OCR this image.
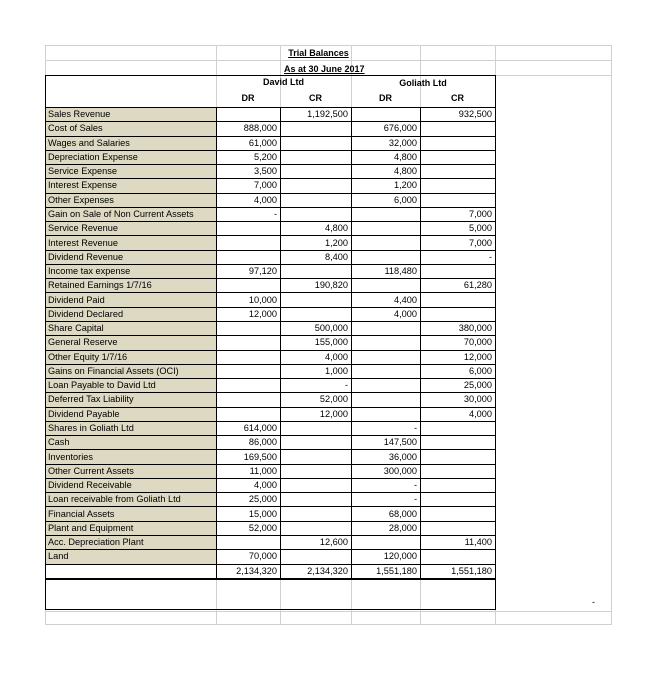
Trial Balances
As at 30 June 2017
David Ltd	Goliath Ltd
DR	CR	DR	CR
Sales Revenue		1,192,500		932,500
Cost of Sales	888,000		676,000	
Wages and Salaries	61,000		32,000	
Depreciation Expense	5,200		4,800	
Service Expense	3,500		4,800	
Interest Expense	7,000		1,200	
Other Expenses	4,000		6,000	
Gain on Sale of Non Current Assets	-			7,000
Service Revenue		4,800		5,000
Interest Revenue		1,200		7,000
Dividend Revenue		8,400		-
Income tax expense	97,120		118,480	
Retained Earnings 1/7/16		190,820		61,280
Dividend Paid	10,000		4,400	
Dividend Declared	12,000		4,000	
Share Capital		500,000		380,000
General Reserve		155,000		70,000
Other Equity 1/7/16		4,000		12,000
Gains on Financial Assets (OCI)		1,000		6,000
Loan Payable to David Ltd		-		25,000
Deferred Tax Liability		52,000		30,000
Dividend Payable		12,000		4,000
Shares in Goliath Ltd	614,000		-	
Cash	86,000		147,500	
Inventories	169,500		36,000	
Other Current Assets	11,000		300,000	
Dividend Receivable	4,000		-	
Loan receivable from Goliath Ltd	25,000		-	
Financial Assets	15,000		68,000	
Plant and Equipment	52,000		28,000	
Acc. Depreciation Plant		12,600		11,400
Land	70,000		120,000	
	2,134,320	2,134,320	1,551,180	1,551,180
-
